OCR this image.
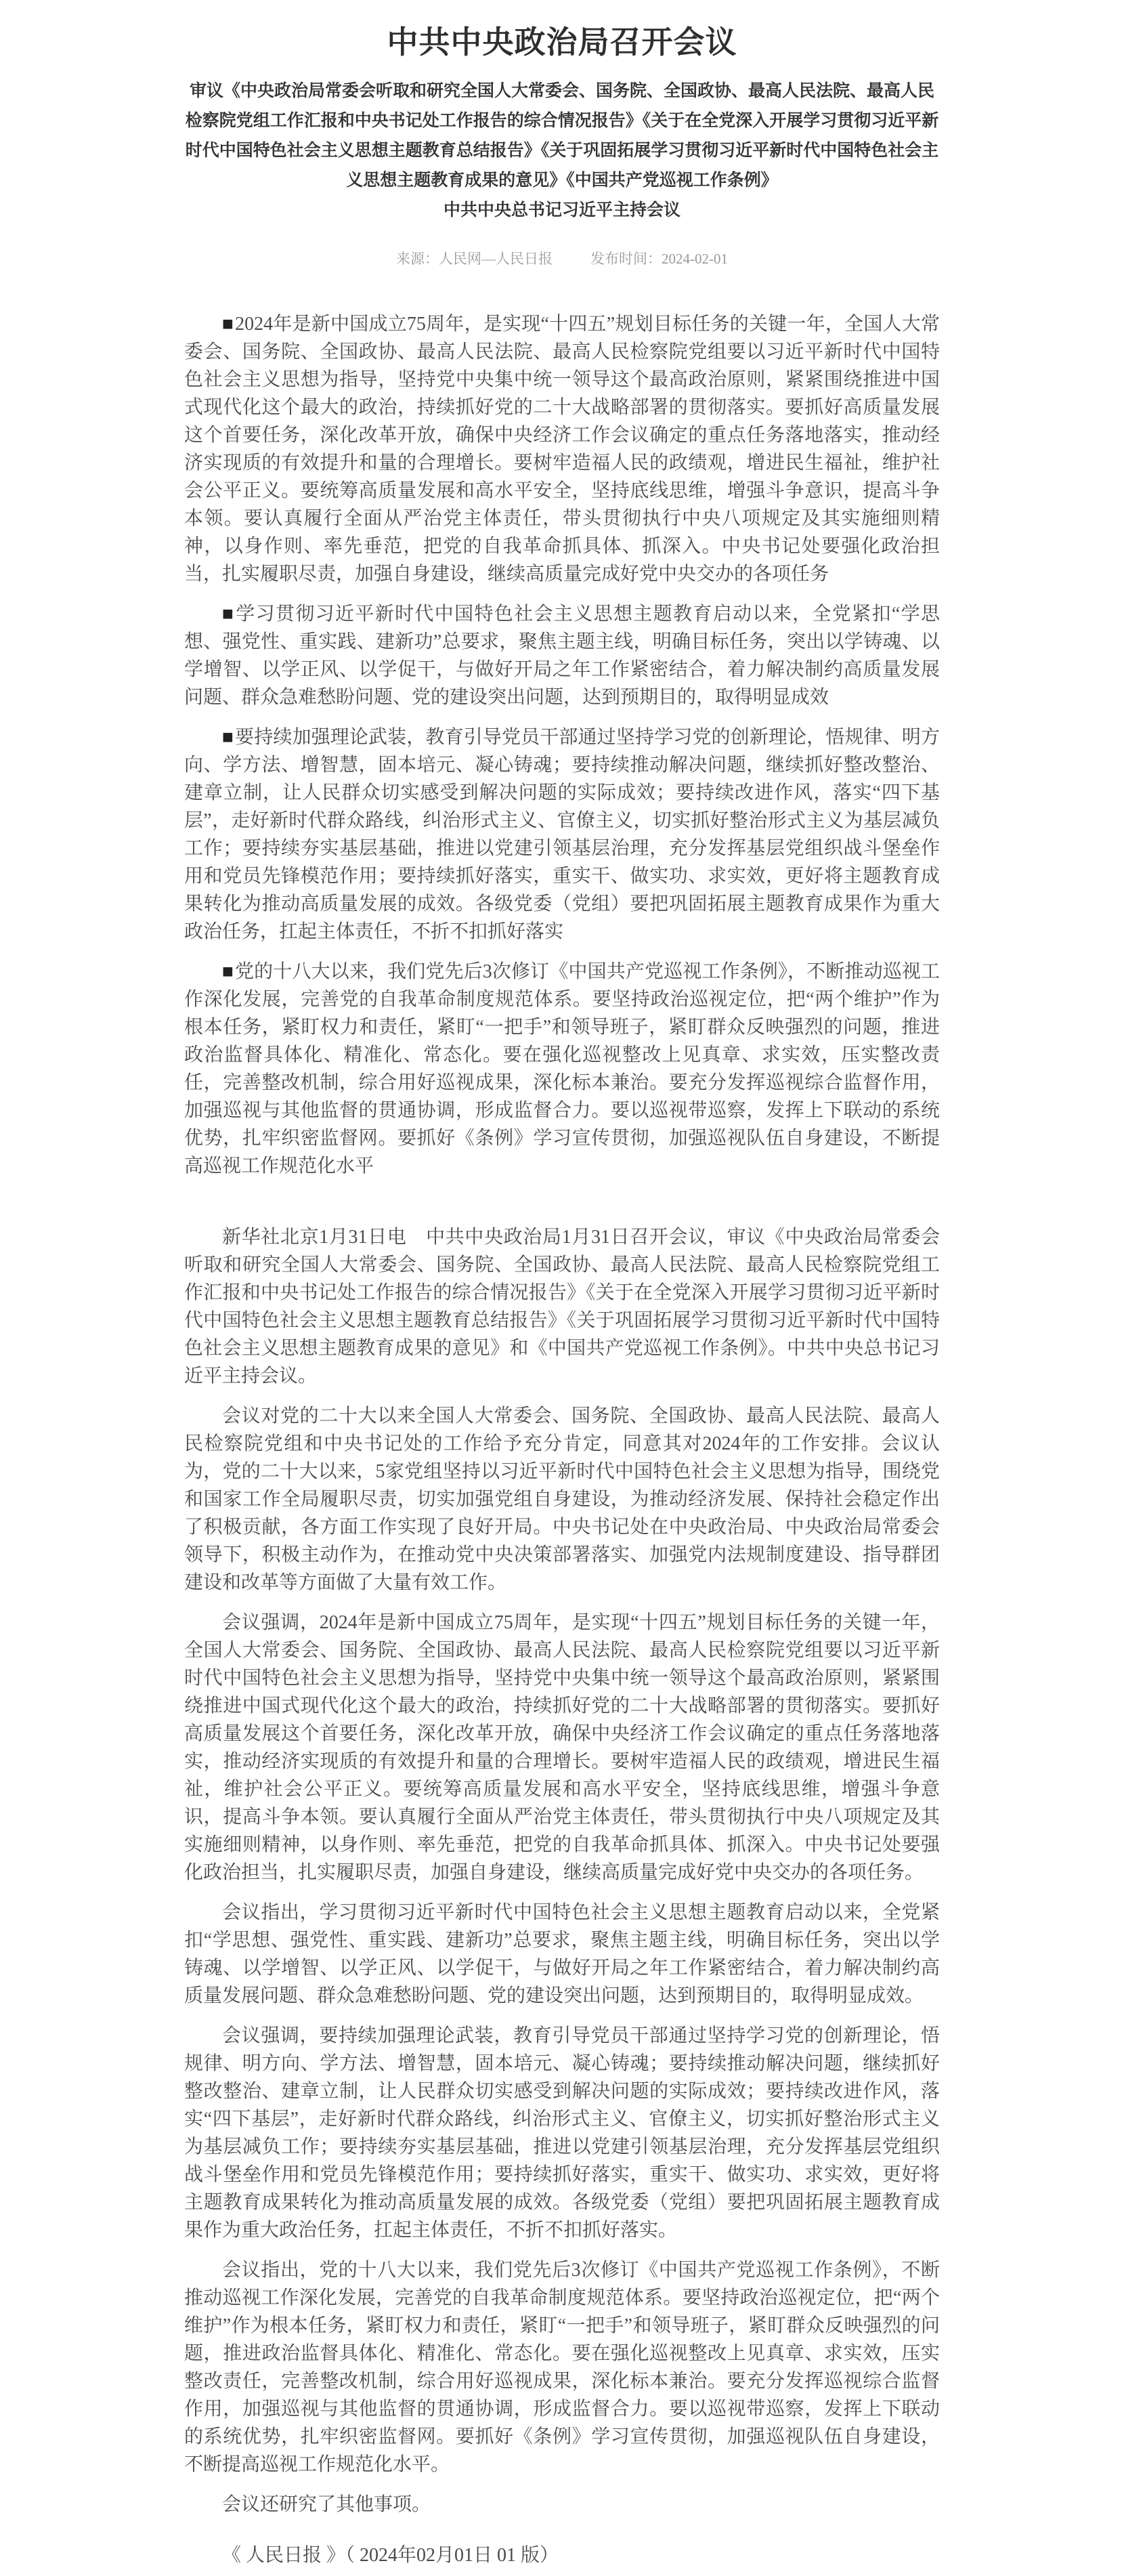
中共中央政治局召开会议
审议《中央政治局常委会听取和研究全国人大常委会、国务院、全国政协、最高人民法院、最高人民检察院党组工作汇报和中央书记处工作报告的综合情况报告》《关于在全党深入开展学习贯彻习近平新时代中国特色社会主义思想主题教育总结报告》《关于巩固拓展学习贯彻习近平新时代中国特色社会主义思想主题教育成果的意见》《中国共产党巡视工作条例》
中共中央总书记习近平主持会议
来源：人民网—人民日报	发布时间：2024-02-01

■2024年是新中国成立75周年，是实现“十四五”规划目标任务的关键一年，全国人大常委会、国务院、全国政协、最高人民法院、最高人民检察院党组要以习近平新时代中国特色社会主义思想为指导，坚持党中央集中统一领导这个最高政治原则，紧紧围绕推进中国式现代化这个最大的政治，持续抓好党的二十大战略部署的贯彻落实。要抓好高质量发展这个首要任务，深化改革开放，确保中央经济工作会议确定的重点任务落地落实，推动经济实现质的有效提升和量的合理增长。要树牢造福人民的政绩观，增进民生福祉，维护社会公平正义。要统筹高质量发展和高水平安全，坚持底线思维，增强斗争意识，提高斗争本领。要认真履行全面从严治党主体责任，带头贯彻执行中央八项规定及其实施细则精神，以身作则、率先垂范，把党的自我革命抓具体、抓深入。中央书记处要强化政治担当，扎实履职尽责，加强自身建设，继续高质量完成好党中央交办的各项任务

■学习贯彻习近平新时代中国特色社会主义思想主题教育启动以来，全党紧扣“学思想、强党性、重实践、建新功”总要求，聚焦主题主线，明确目标任务，突出以学铸魂、以学增智、以学正风、以学促干，与做好开局之年工作紧密结合，着力解决制约高质量发展问题、群众急难愁盼问题、党的建设突出问题，达到预期目的，取得明显成效

■要持续加强理论武装，教育引导党员干部通过坚持学习党的创新理论，悟规律、明方向、学方法、增智慧，固本培元、凝心铸魂；要持续推动解决问题，继续抓好整改整治、建章立制，让人民群众切实感受到解决问题的实际成效；要持续改进作风，落实“四下基层”，走好新时代群众路线，纠治形式主义、官僚主义，切实抓好整治形式主义为基层减负工作；要持续夯实基层基础，推进以党建引领基层治理，充分发挥基层党组织战斗堡垒作用和党员先锋模范作用；要持续抓好落实，重实干、做实功、求实效，更好将主题教育成果转化为推动高质量发展的成效。各级党委（党组）要把巩固拓展主题教育成果作为重大政治任务，扛起主体责任，不折不扣抓好落实

■党的十八大以来，我们党先后3次修订《中国共产党巡视工作条例》，不断推动巡视工作深化发展，完善党的自我革命制度规范体系。要坚持政治巡视定位，把“两个维护”作为根本任务，紧盯权力和责任，紧盯“一把手”和领导班子，紧盯群众反映强烈的问题，推进政治监督具体化、精准化、常态化。要在强化巡视整改上见真章、求实效，压实整改责任，完善整改机制，综合用好巡视成果，深化标本兼治。要充分发挥巡视综合监督作用，加强巡视与其他监督的贯通协调，形成监督合力。要以巡视带巡察，发挥上下联动的系统优势，扎牢织密监督网。要抓好《条例》学习宣传贯彻，加强巡视队伍自身建设，不断提高巡视工作规范化水平

新华社北京1月31日电　中共中央政治局1月31日召开会议，审议《中央政治局常委会听取和研究全国人大常委会、国务院、全国政协、最高人民法院、最高人民检察院党组工作汇报和中央书记处工作报告的综合情况报告》《关于在全党深入开展学习贯彻习近平新时代中国特色社会主义思想主题教育总结报告》《关于巩固拓展学习贯彻习近平新时代中国特色社会主义思想主题教育成果的意见》和《中国共产党巡视工作条例》。中共中央总书记习近平主持会议。

会议对党的二十大以来全国人大常委会、国务院、全国政协、最高人民法院、最高人民检察院党组和中央书记处的工作给予充分肯定，同意其对2024年的工作安排。会议认为，党的二十大以来，5家党组坚持以习近平新时代中国特色社会主义思想为指导，围绕党和国家工作全局履职尽责，切实加强党组自身建设，为推动经济发展、保持社会稳定作出了积极贡献，各方面工作实现了良好开局。中央书记处在中央政治局、中央政治局常委会领导下，积极主动作为，在推动党中央决策部署落实、加强党内法规制度建设、指导群团建设和改革等方面做了大量有效工作。

会议强调，2024年是新中国成立75周年，是实现“十四五”规划目标任务的关键一年，全国人大常委会、国务院、全国政协、最高人民法院、最高人民检察院党组要以习近平新时代中国特色社会主义思想为指导，坚持党中央集中统一领导这个最高政治原则，紧紧围绕推进中国式现代化这个最大的政治，持续抓好党的二十大战略部署的贯彻落实。要抓好高质量发展这个首要任务，深化改革开放，确保中央经济工作会议确定的重点任务落地落实，推动经济实现质的有效提升和量的合理增长。要树牢造福人民的政绩观，增进民生福祉，维护社会公平正义。要统筹高质量发展和高水平安全，坚持底线思维，增强斗争意识，提高斗争本领。要认真履行全面从严治党主体责任，带头贯彻执行中央八项规定及其实施细则精神，以身作则、率先垂范，把党的自我革命抓具体、抓深入。中央书记处要强化政治担当，扎实履职尽责，加强自身建设，继续高质量完成好党中央交办的各项任务。

会议指出，学习贯彻习近平新时代中国特色社会主义思想主题教育启动以来，全党紧扣“学思想、强党性、重实践、建新功”总要求，聚焦主题主线，明确目标任务，突出以学铸魂、以学增智、以学正风、以学促干，与做好开局之年工作紧密结合，着力解决制约高质量发展问题、群众急难愁盼问题、党的建设突出问题，达到预期目的，取得明显成效。

会议强调，要持续加强理论武装，教育引导党员干部通过坚持学习党的创新理论，悟规律、明方向、学方法、增智慧，固本培元、凝心铸魂；要持续推动解决问题，继续抓好整改整治、建章立制，让人民群众切实感受到解决问题的实际成效；要持续改进作风，落实“四下基层”，走好新时代群众路线，纠治形式主义、官僚主义，切实抓好整治形式主义为基层减负工作；要持续夯实基层基础，推进以党建引领基层治理，充分发挥基层党组织战斗堡垒作用和党员先锋模范作用；要持续抓好落实，重实干、做实功、求实效，更好将主题教育成果转化为推动高质量发展的成效。各级党委（党组）要把巩固拓展主题教育成果作为重大政治任务，扛起主体责任，不折不扣抓好落实。

会议指出，党的十八大以来，我们党先后3次修订《中国共产党巡视工作条例》，不断推动巡视工作深化发展，完善党的自我革命制度规范体系。要坚持政治巡视定位，把“两个维护”作为根本任务，紧盯权力和责任，紧盯“一把手”和领导班子，紧盯群众反映强烈的问题，推进政治监督具体化、精准化、常态化。要在强化巡视整改上见真章、求实效，压实整改责任，完善整改机制，综合用好巡视成果，深化标本兼治。要充分发挥巡视综合监督作用，加强巡视与其他监督的贯通协调，形成监督合力。要以巡视带巡察，发挥上下联动的系统优势，扎牢织密监督网。要抓好《条例》学习宣传贯彻，加强巡视队伍自身建设，不断提高巡视工作规范化水平。

会议还研究了其他事项。

《 人民日报 》（ 2024年02月01日 01 版）
